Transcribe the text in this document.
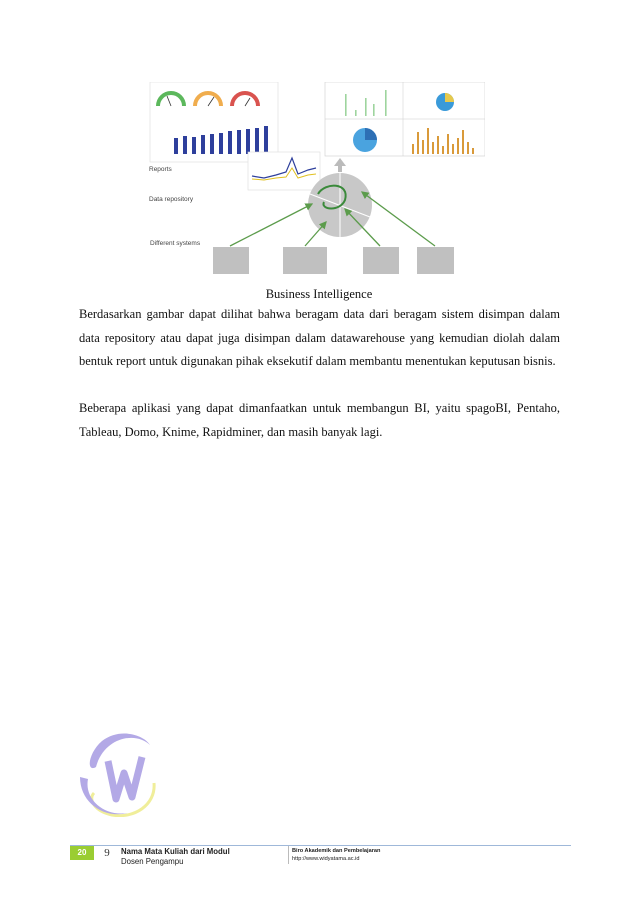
Reports
Data repository
Different systems
Business Intelligence

Berdasarkan gambar dapat dilihat bahwa beragam data dari beragam sistem disimpan dalam data repository atau dapat juga disimpan dalam datawarehouse yang kemudian diolah dalam bentuk report untuk digunakan pihak eksekutif dalam membantu menentukan keputusan bisnis.

Beberapa aplikasi yang dapat dimanfaatkan untuk membangun BI, yaitu spagoBI, Pentaho, Tableau, Domo, Knime, Rapidminer, dan masih banyak lagi.

20	9	Nama Mata Kuliah dari Modul
Dosen Pengampu
Biro Akademik dan Pembelajaran
http://www.widyatama.ac.id
